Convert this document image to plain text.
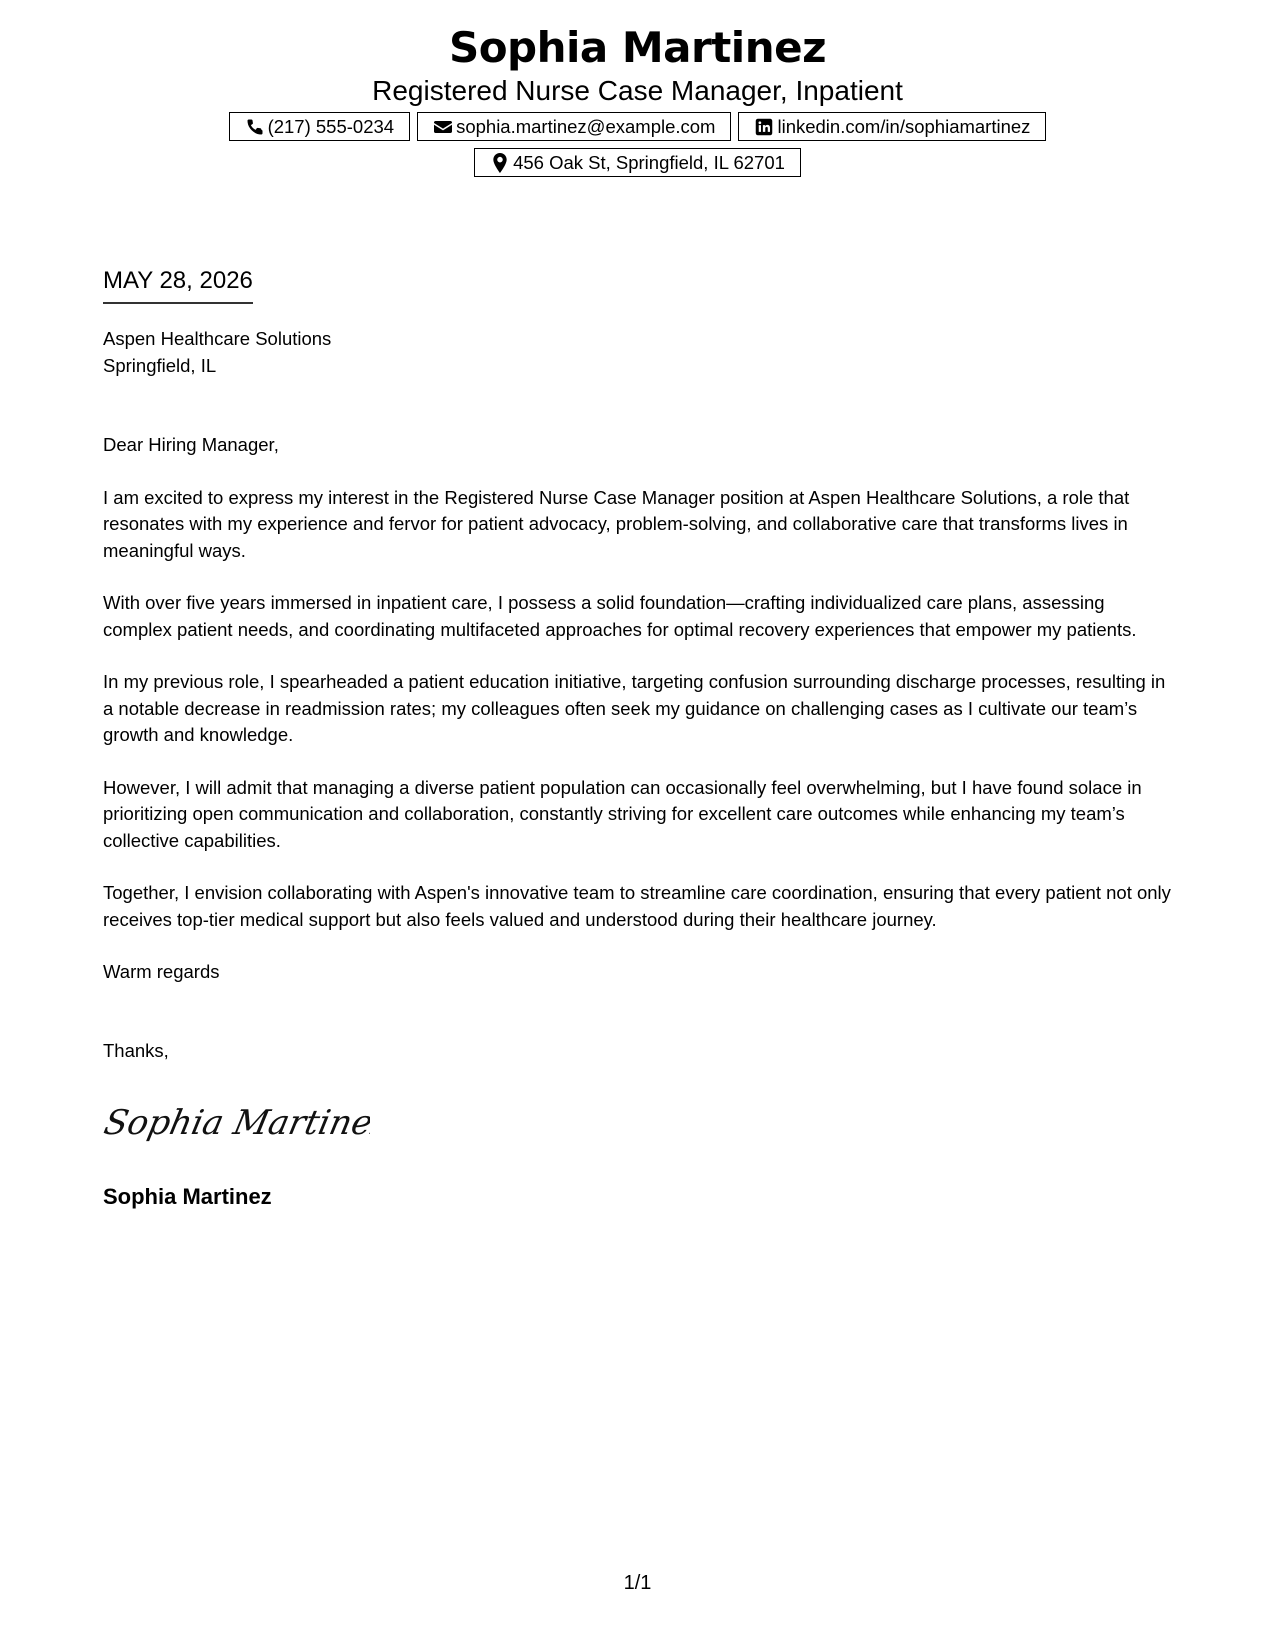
Sophia Martinez
Registered Nurse Case Manager, Inpatient
(217) 555-0234	sophia.martinez@example.com	linkedin.com/in/sophiamartinez
456 Oak St, Springfield, IL 62701
MAY 28, 2026
Aspen Healthcare Solutions
Springfield, IL

Dear Hiring Manager,

I am excited to express my interest in the Registered Nurse Case Manager position at Aspen Healthcare Solutions, a role that resonates with my experience and fervor for patient advocacy, problem-solving, and collaborative care that transforms lives in meaningful ways.

With over five years immersed in inpatient care, I possess a solid foundation—crafting individualized care plans, assessing complex patient needs, and coordinating multifaceted approaches for optimal recovery experiences that empower my patients.

In my previous role, I spearheaded a patient education initiative, targeting confusion surrounding discharge processes, resulting in a notable decrease in readmission rates; my colleagues often seek my guidance on challenging cases as I cultivate our team’s growth and knowledge.

However, I will admit that managing a diverse patient population can occasionally feel overwhelming, but I have found solace in prioritizing open communication and collaboration, constantly striving for excellent care outcomes while enhancing my team’s collective capabilities.

Together, I envision collaborating with Aspen's innovative team to streamline care coordination, ensuring that every patient not only receives top-tier medical support but also feels valued and understood during their healthcare journey.

Warm regards

Thanks,
Sophia Martinez
Sophia Martinez
1/1
